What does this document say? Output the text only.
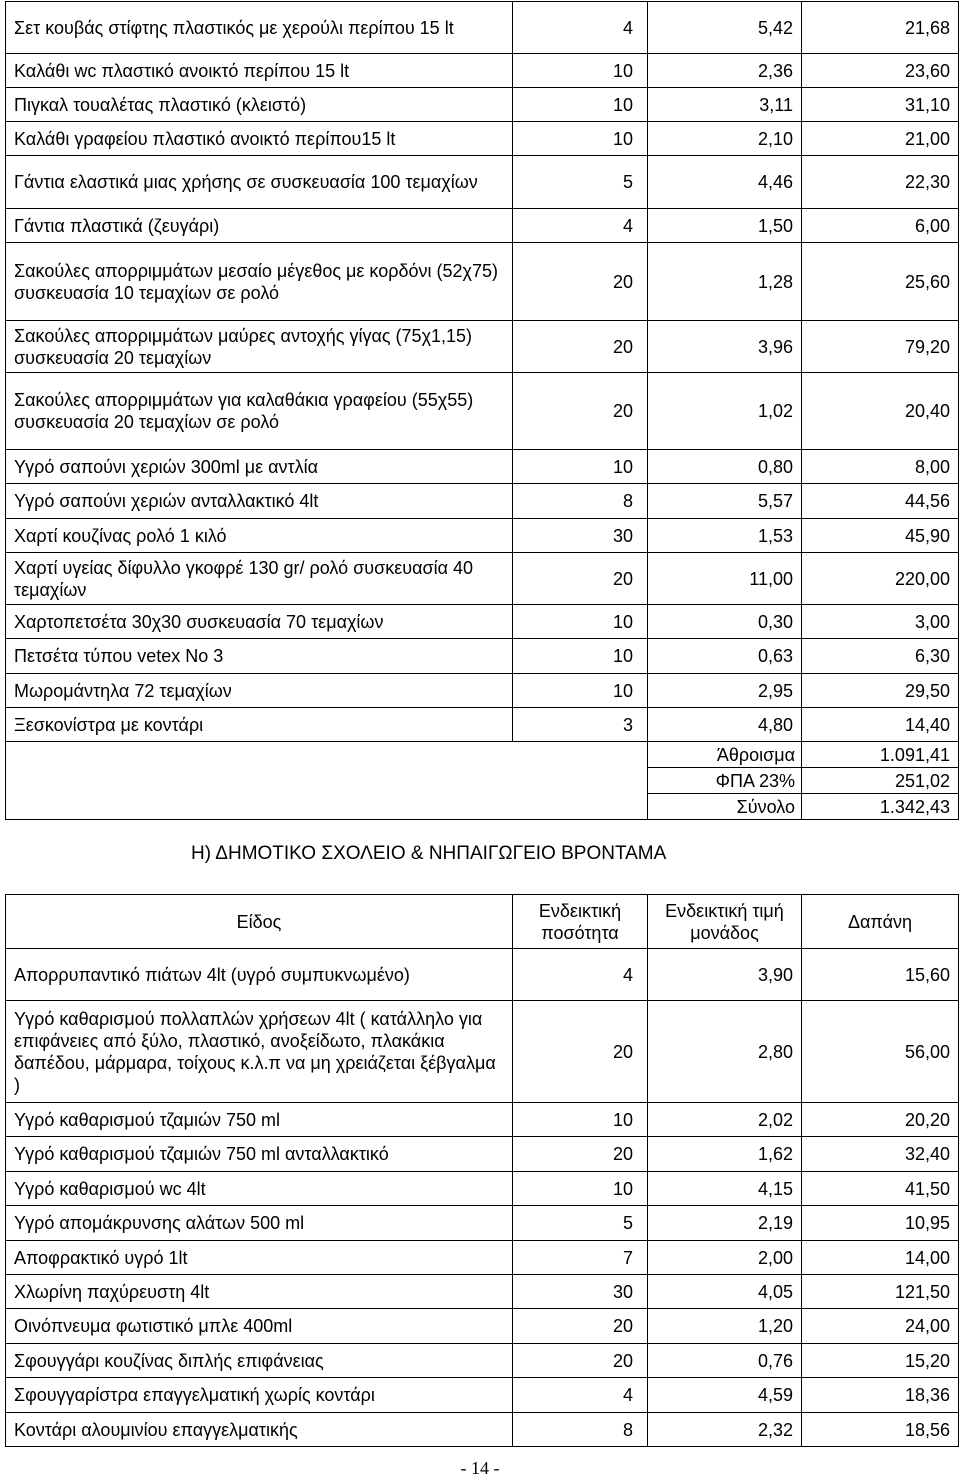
Σετ κουβάς στίφτης πλαστικός με χερούλι περίπου 15 lt	4	5,42	21,68
Καλάθι wc πλαστικό ανοικτό περίπου 15 lt	10	2,36	23,60
Πιγκαλ τουαλέτας πλαστικό (κλειστό)	10	3,11	31,10
Καλάθι γραφείου πλαστικό ανοικτό περίπου15 lt	10	2,10	21,00
Γάντια ελαστικά μιας χρήσης σε συσκευασία 100 τεμαχίων	5	4,46	22,30
Γάντια πλαστικά (ζευγάρι)	4	1,50	6,00
Σακούλες απορριμμάτων μεσαίο μέγεθος με κορδόνι (52χ75) συσκευασία 10 τεμαχίων σε ρολό	20	1,28	25,60
Σακούλες απορριμμάτων μαύρες αντοχής γίγας (75χ1,15) συσκευασία 20 τεμαχίων	20	3,96	79,20
Σακούλες απορριμμάτων για καλαθάκια γραφείου (55χ55) συσκευασία 20 τεμαχίων σε ρολό	20	1,02	20,40
Υγρό σαπούνι χεριών 300ml με αντλία	10	0,80	8,00
Υγρό σαπούνι χεριών ανταλλακτικό 4lt	8	5,57	44,56
Χαρτί κουζίνας ρολό 1 κιλό	30	1,53	45,90
Χαρτί υγείας δίφυλλο γκοφρέ 130 gr/ ρολό συσκευασία 40 τεμαχίων	20	11,00	220,00
Χαρτοπετσέτα 30χ30 συσκευασία 70 τεμαχίων	10	0,30	3,00
Πετσέτα τύπου vetex No 3	10	0,63	6,30
Μωρομάντηλα 72 τεμαχίων	10	2,95	29,50
Ξεσκονίστρα με κοντάρι	3	4,80	14,40
		Άθροισμα	1.091,41
		ΦΠΑ 23%	251,02
		Σύνολο	1.342,43
Η) ΔΗΜΟΤΙΚΟ ΣΧΟΛΕΙΟ & ΝΗΠΑΙΓΩΓΕΙΟ ΒΡΟΝΤΑΜΑ
Είδος	Ενδεικτική ποσότητα	Ενδεικτική τιμή μονάδος	Δαπάνη
Απορρυπαντικό πιάτων 4lt (υγρό συμπυκνωμένο)	4	3,90	15,60
Υγρό καθαρισμού πολλαπλών χρήσεων 4lt ( κατάλληλο για επιφάνειες από ξύλο, πλαστικό, ανοξείδωτο, πλακάκια δαπέδου, μάρμαρα, τοίχους κ.λ.π να μη χρειάζεται ξέβγαλμα )	20	2,80	56,00
Υγρό καθαρισμού τζαμιών 750 ml	10	2,02	20,20
Υγρό καθαρισμού τζαμιών 750 ml ανταλλακτικό	20	1,62	32,40
Υγρό καθαρισμού wc 4lt	10	4,15	41,50
Υγρό απομάκρυνσης αλάτων 500 ml	5	2,19	10,95
Αποφρακτικό υγρό 1lt	7	2,00	14,00
Χλωρίνη παχύρευστη 4lt	30	4,05	121,50
Οινόπνευμα φωτιστικό μπλε 400ml	20	1,20	24,00
Σφουγγάρι κουζίνας διπλής επιφάνειας	20	0,76	15,20
Σφουγγαρίστρα επαγγελματική χωρίς κοντάρι	4	4,59	18,36
Κοντάρι αλουμινίου επαγγελματικής	8	2,32	18,56
- 14 -
